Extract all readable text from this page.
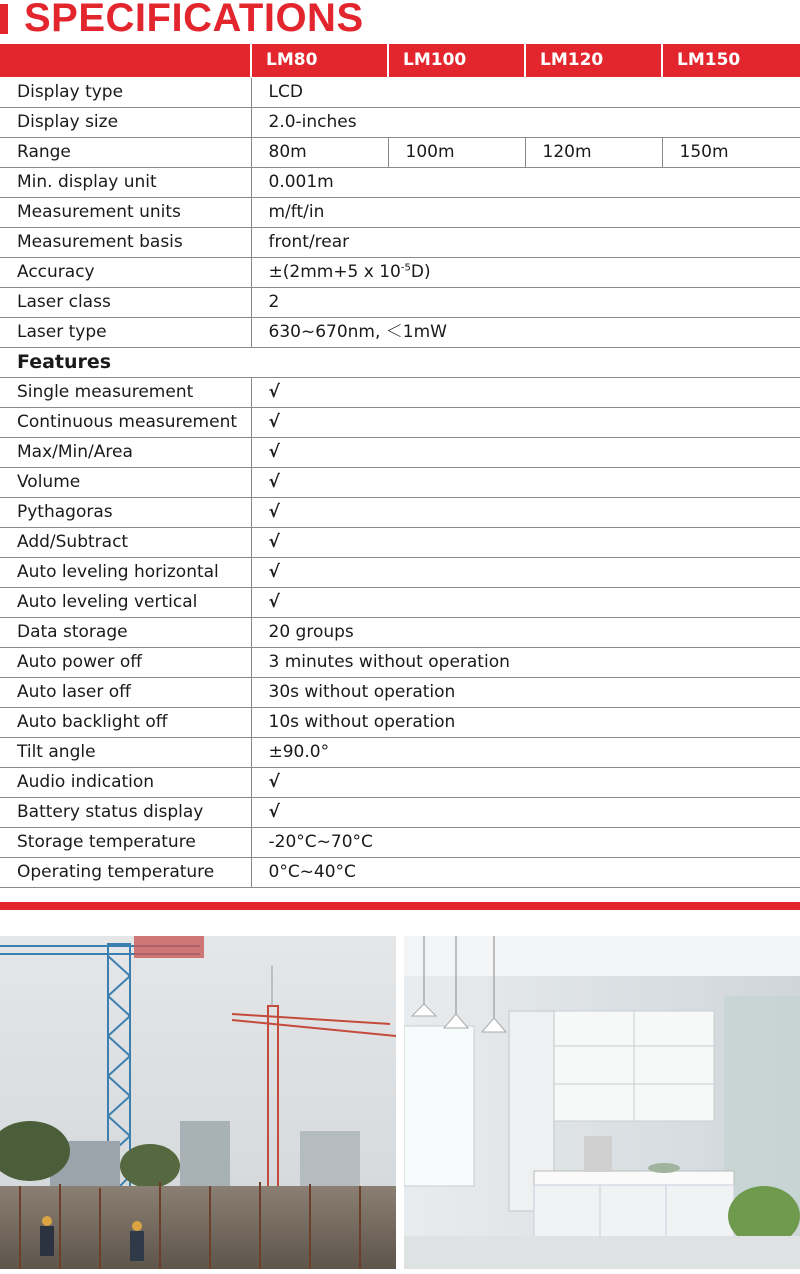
SPECIFICATIONS
	LM80	LM100	LM120	LM150
Display type	LCD			
Display size	2.0-inches			
Range	80m	100m	120m	150m
Min. display unit	0.001m			
Measurement units	m/ft/in			
Measurement basis	front/rear			
Accuracy	±(2mm+5 x $10^{-5}D$)			
Laser class	2			
Laser type	630~670nm, ＜1mW			
Features				
Single measurement	√			
Continuous measurement	√			
Max/Min/Area	√			
Volume	√			
Pythagoras	√			
Add/Subtract	√			
Auto leveling horizontal	√			
Auto leveling vertical	√			
Data storage	20 groups			
Auto power off	3 minutes without operation			
Auto laser off	30s without operation			
Auto backlight off	10s without operation			
Tilt angle	±90.0°			
Audio indication	√			
Battery status display	√			
Storage temperature	-20°C~70°C			
Operating temperature	0°C~40°C			
